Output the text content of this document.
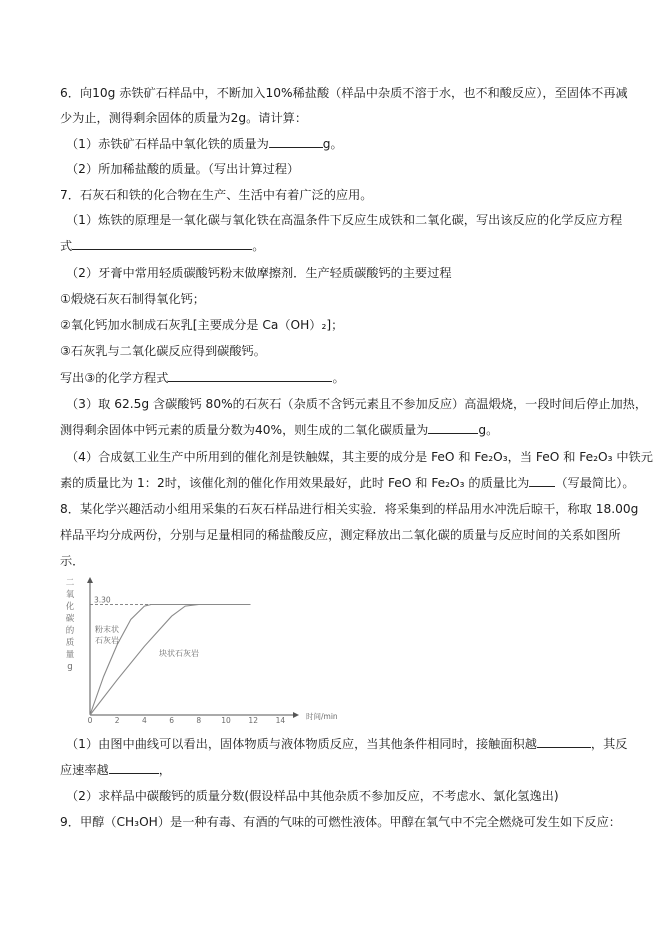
6．向10g 赤铁矿石样品中，不断加入10%稀盐酸（样品中杂质不溶于水，也不和酸反应），至固体不再减
少为止，测得剩余固体的质量为2g。请计算：
（1）赤铁矿石样品中氧化铁的质量为	g。
（2）所加稀盐酸的质量。（写出计算过程）
7．石灰石和铁的化合物在生产、生活中有着广泛的应用。
（1）炼铁的原理是一氧化碳与氧化铁在高温条件下反应生成铁和二氧化碳，写出该反应的化学反应方程
式	。
（2）牙膏中常用轻质碳酸钙粉末做摩擦剂．生产轻质碳酸钙的主要过程
①煅烧石灰石制得氧化钙；
②氧化钙加水制成石灰乳[主要成分是 Ca（OH）₂]；
③石灰乳与二氧化碳反应得到碳酸钙。
写出③的化学方程式	。
（3）取 62.5g 含碳酸钙 80%的石灰石（杂质不含钙元素且不参加反应）高温煅烧，一段时间后停止加热，
测得剩余固体中钙元素的质量分数为40%，则生成的二氧化碳质量为	g。
（4）合成氨工业生产中所用到的催化剂是铁触媒，其主要的成分是 FeO 和 Fe₂O₃，当 FeO 和 Fe₂O₃ 中铁元
素的质量比为 1：2时，该催化剂的催化作用效果最好，此时 FeO 和 Fe₂O₃ 的质量比为 （写最简比）。
8．某化学兴趣活动小组用采集的石灰石样品进行相关实验．将采集到的样品用水冲洗后晾干，称取 18.00g
样品平均分成两份，分别与足量相同的稀盐酸反应，测定释放出二氧化碳的质量与反应时间的关系如图所
示．
二
氧
化
碳
的
质
量
g
3.30
0	2	4	6	8	10 12 14	时间/min
粉末状
石灰岩
块状石灰岩
（1）由图中曲线可以看出，固体物质与液体物质反应，当其他条件相同时，接触面积越	，其反
应速率越	，
（2）求样品中碳酸钙的质量分数(假设样品中其他杂质不参加反应，不考虑水、氯化氢逸出)
9．甲醇（CH₃OH）是一种有毒、有酒的气味的可燃性液体。甲醇在氧气中不完全燃烧可发生如下反应：
